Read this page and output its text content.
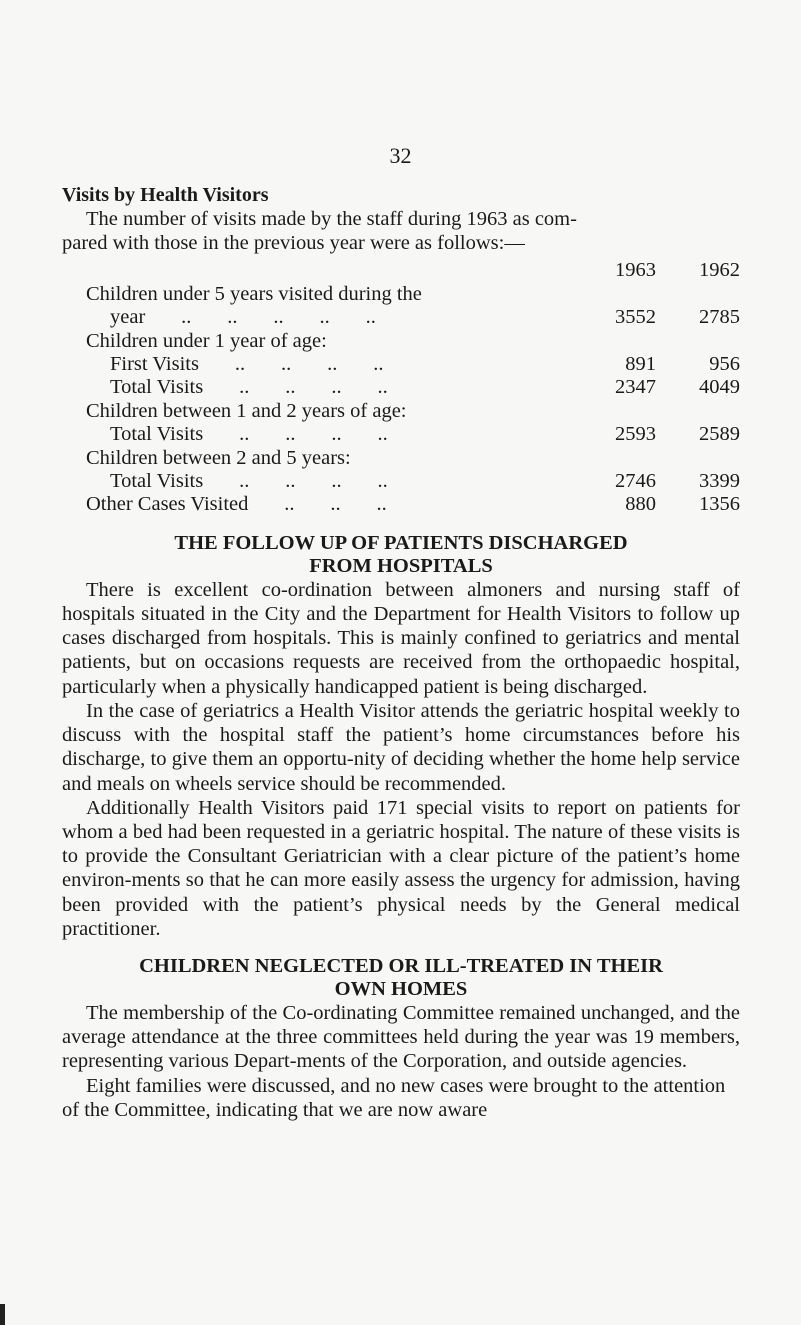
32
Visits by Health Visitors

The number of visits made by the staff during 1963 as com-

pared with those in the previous year were as follows:—

1963	1962
Children under 5 years visited during the
year       ..       ..       ..       ..       ..	3552	2785
Children under 1 year of age:
First Visits       ..       ..       ..       ..	891	956
Total Visits       ..       ..       ..       ..	2347	4049
Children between 1 and 2 years of age:
Total Visits       ..       ..       ..       ..	2593	2589
Children between 2 and 5 years:
Total Visits       ..       ..       ..       ..	2746	3399
Other Cases Visited       ..       ..       ..	880	1356
THE FOLLOW UP OF PATIENTS DISCHARGED
FROM HOSPITALS

There is excellent co-ordination between almoners and nursing staff of hospitals situated in the City and the Department for Health Visitors to follow up cases discharged from hospitals. This is mainly confined to geriatrics and mental patients, but on occasions requests are received from the orthopaedic hospital, particularly when a physically handicapped patient is being discharged.

In the case of geriatrics a Health Visitor attends the geriatric hospital weekly to discuss with the hospital staff the patient’s home circumstances before his discharge, to give them an opportu-nity of deciding whether the home help service and meals on wheels service should be recommended.

Additionally Health Visitors paid 171 special visits to report on patients for whom a bed had been requested in a geriatric hospital. The nature of these visits is to provide the Consultant Geriatrician with a clear picture of the patient’s home environ-ments so that he can more easily assess the urgency for admission, having been provided with the patient’s physical needs by the General medical practitioner.

CHILDREN NEGLECTED OR ILL-TREATED IN THEIR
OWN HOMES

The membership of the Co-ordinating Committee remained unchanged, and the average attendance at the three committees held during the year was 19 members, representing various Depart-ments of the Corporation, and outside agencies.

Eight families were discussed, and no new cases were brought to the attention of the Committee, indicating that we are now aware
